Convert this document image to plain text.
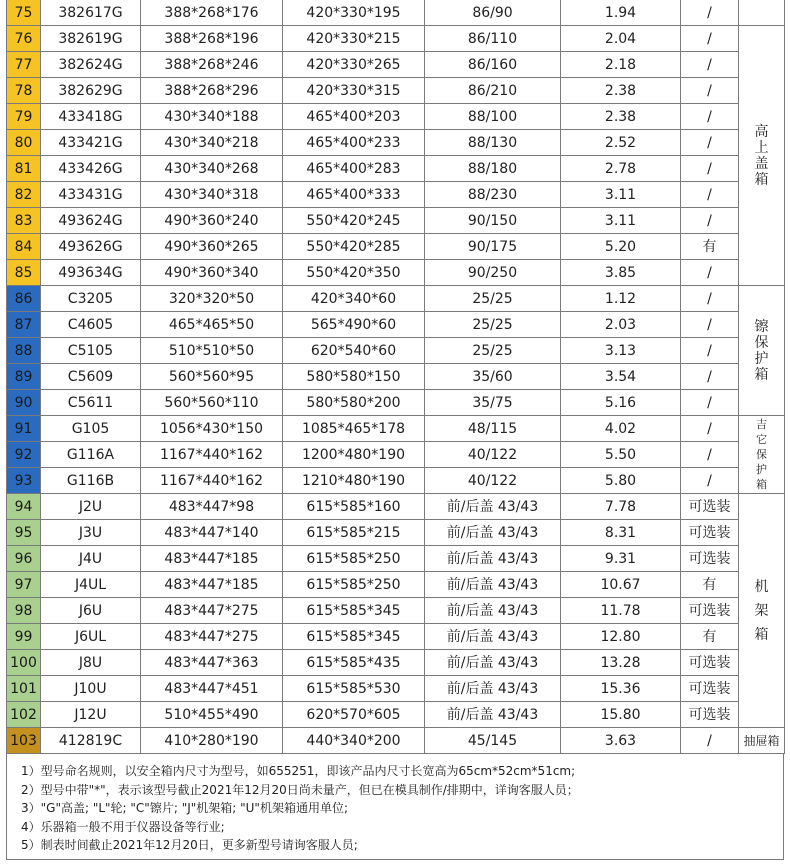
75	382617G	388*268*176	420*330*195	86/90	1.94	/	
76	382619G	388*268*196	420*330*215	86/110	2.04	/	高
上
盖
箱

77	382624G	388*268*246	420*330*265	86/160	2.18	/	
78	382629G	388*268*296	420*330*315	86/210	2.38	/	
79	433418G	430*340*188	465*400*203	88/100	2.38	/	
80	433421G	430*340*218	465*400*233	88/130	2.52	/	
81	433426G	430*340*268	465*400*283	88/180	2.78	/	
82	433431G	430*340*318	465*400*333	88/230	3.11	/	
83	493624G	490*360*240	550*420*245	90/150	3.11	/	
84	493626G	490*360*265	550*420*285	90/175	5.20	有	
85	493634G	490*360*340	550*420*350	90/250	3.85	/	
86	C3205	320*320*50	420*340*60	25/25	1.12	/	镲
保
护
箱

87	C4605	465*465*50	565*490*60	25/25	2.03	/	
88	C5105	510*510*50	620*540*60	25/25	3.13	/	
89	C5609	560*560*95	580*580*150	35/60	3.54	/	
90	C5611	560*560*110	580*580*200	35/75	5.16	/	
91	G105	1056*430*150	1085*465*178	48/115	4.02	/	吉
它
保
护
箱

92	G116A	1167*440*162	1200*480*190	40/122	5.50	/	
93	G116B	1167*440*162	1210*480*190	40/122	5.80	/	
94	J2U	483*447*98	615*585*160	前/后盖 43/43	7.78	可选装	机
架
箱

95	J3U	483*447*140	615*585*215	前/后盖 43/43	8.31	可选装	
96	J4U	483*447*185	615*585*250	前/后盖 43/43	9.31	可选装	
97	J4UL	483*447*185	615*585*250	前/后盖 43/43	10.67	有	
98	J6U	483*447*275	615*585*345	前/后盖 43/43	11.78	可选装	
99	J6UL	483*447*275	615*585*345	前/后盖 43/43	12.80	有	
100	J8U	483*447*363	615*585*435	前/后盖 43/43	13.28	可选装	
101	J10U	483*447*451	615*585*530	前/后盖 43/43	15.36	可选装	
102	J12U	510*455*490	620*570*605	前/后盖 43/43	15.80	可选装	
103	412819C	410*280*190	440*340*200	45/145	3.63	/	抽屉箱
1）型号命名规则，以安全箱内尺寸为型号，如655251，即该产品内尺寸长宽高为65cm*52cm*51cm;
2）型号中带"*"，表示该型号截止2021年12月20日尚未量产，但已在模具制作/排期中，详询客服人员；
3）"G"高盖; "L"轮; "C"镲片; "J"机架箱; "U"机架箱通用单位;
4）乐器箱一般不用于仪器设备等行业;
5）制表时间截止2021年12月20日，更多新型号请询客服人员;
